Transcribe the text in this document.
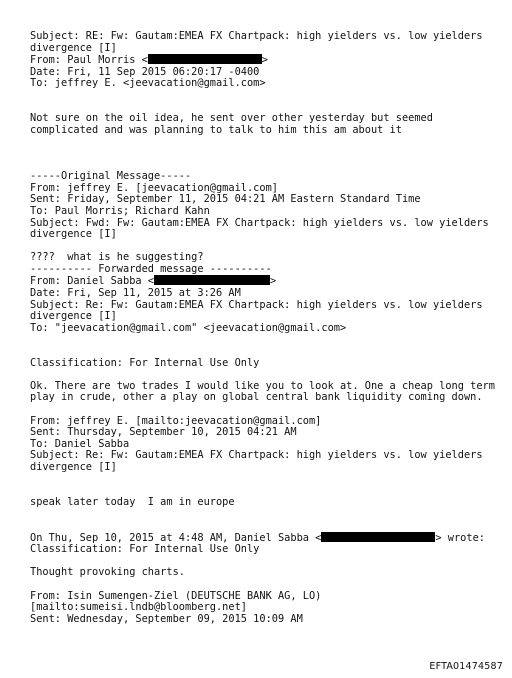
Subject: RE: Fw: Gautam:EMEA FX Chartpack: high yielders vs. low yielders
divergence [I]
From: Paul Morris <	>
Date: Fri, 11 Sep 2015 06:20:17 -0400
To: jeffrey E. <jeevacation@gmail.com>
Not sure on the oil idea, he sent over other yesterday but seemed
complicated and was planning to talk to him this am about it
-----Original Message-----
From: jeffrey E. [jeevacation@gmail.com]
Sent: Friday, September 11, 2015 04:21 AM Eastern Standard Time
To: Paul Morris; Richard Kahn
Subject: Fwd: Fw: Gautam:EMEA FX Chartpack: high yielders vs. low yielders
divergence [I]
????  what is he suggesting?
---------- Forwarded message ----------
From: Daniel Sabba <	>
Date: Fri, Sep 11, 2015 at 3:26 AM
Subject: Re: Fw: Gautam:EMEA FX Chartpack: high yielders vs. low yielders
divergence [I]
To: "jeevacation@gmail.com" <jeevacation@gmail.com>
Classification: For Internal Use Only
Ok. There are two trades I would like you to look at. One a cheap long term
play in crude, other a play on global central bank liquidity coming down.
From: jeffrey E. [mailto:jeevacation@gmail.com]
Sent: Thursday, September 10, 2015 04:21 AM
To: Daniel Sabba
Subject: Re: Fw: Gautam:EMEA FX Chartpack: high yielders vs. low yielders
divergence [I]
speak later today  I am in europe
On Thu, Sep 10, 2015 at 4:48 AM, Daniel Sabba <	> wrote:
Classification: For Internal Use Only
Thought provoking charts.
From: Isin Sumengen-Ziel (DEUTSCHE BANK AG, LO)
[mailto:sumeisi.lndb@bloomberg.net]
Sent: Wednesday, September 09, 2015 10:09 AM
EFTA01474587
